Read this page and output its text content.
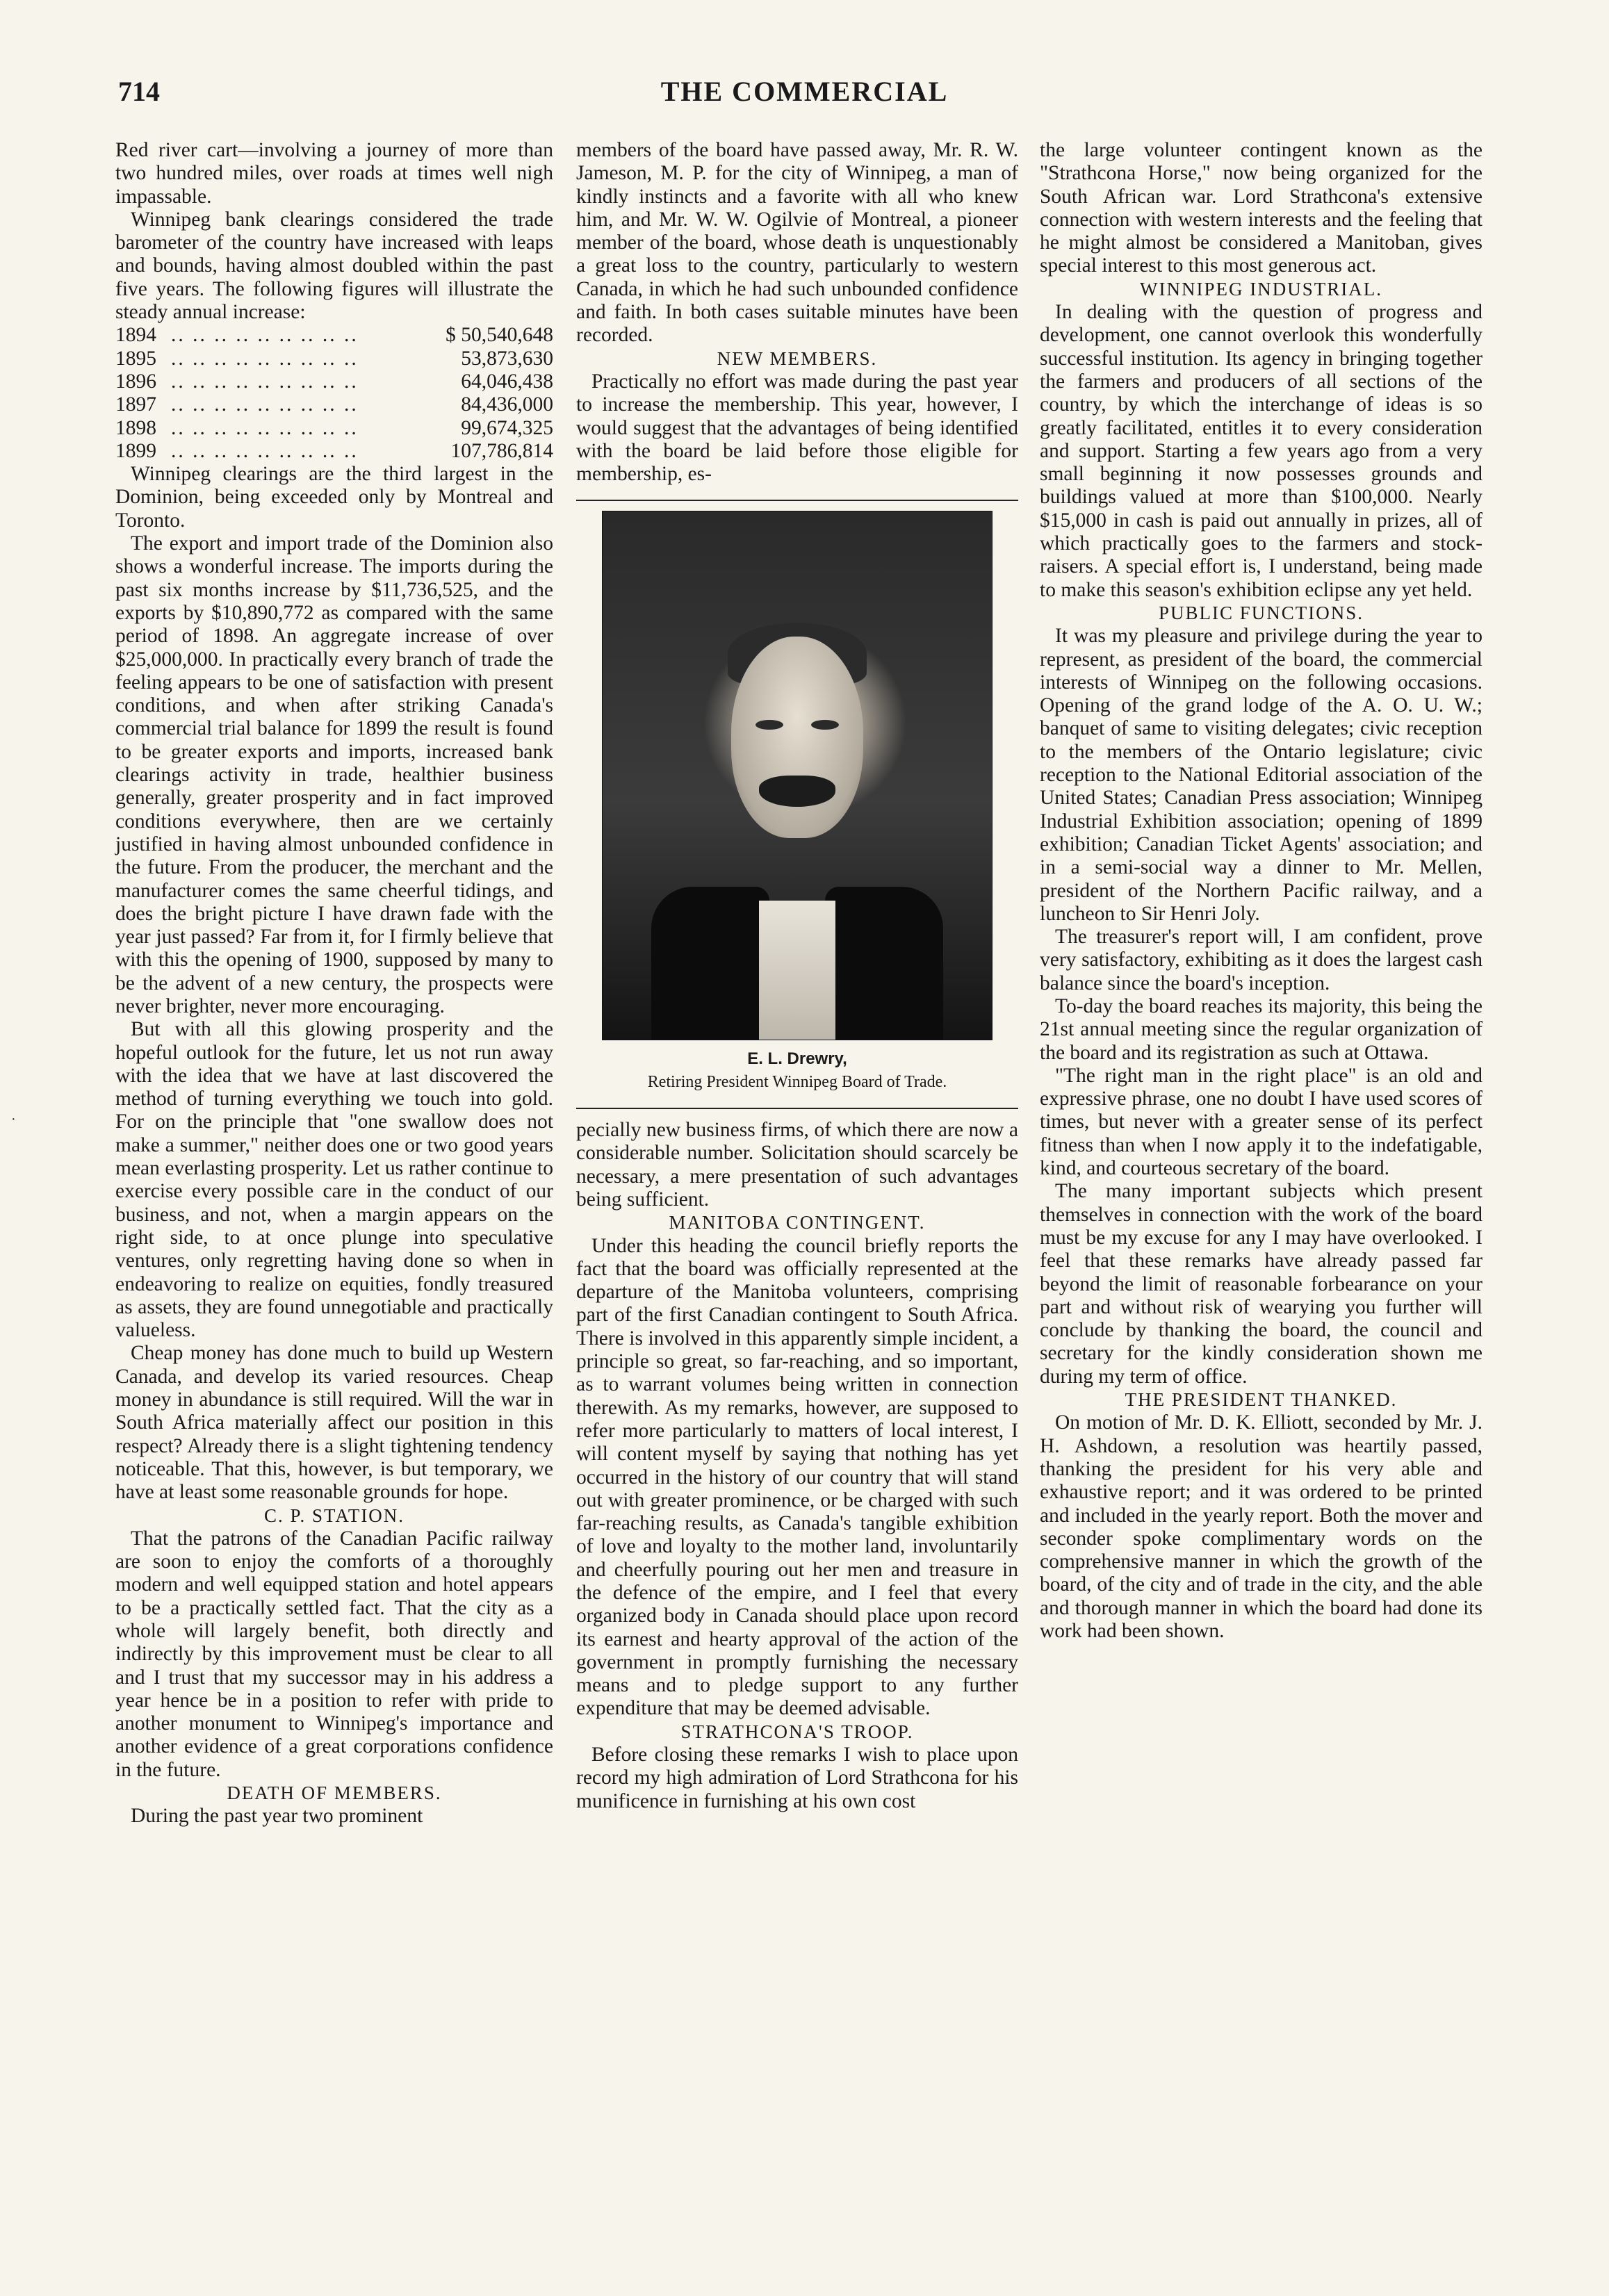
714	THE COMMERCIAL
·

Red river cart—involving a journey of more than two hundred miles, over roads at times well nigh impassable.

Winnipeg bank clearings considered the trade barometer of the country have increased with leaps and bounds, having almost doubled within the past five years. The following figures will illustrate the steady annual increase:

1894	.. .. .. .. .. .. .. .. ..	$ 50,540,648
1895	.. .. .. .. .. .. .. .. ..	53,873,630
1896	.. .. .. .. .. .. .. .. ..	64,046,438
1897	.. .. .. .. .. .. .. .. ..	84,436,000
1898	.. .. .. .. .. .. .. .. ..	99,674,325
1899	.. .. .. .. .. .. .. .. ..	107,786,814

Winnipeg clearings are the third largest in the Dominion, being exceeded only by Montreal and Toronto.

The export and import trade of the Dominion also shows a wonderful increase. The imports during the past six months increase by $11,736,525, and the exports by $10,890,772 as compared with the same period of 1898. An aggregate increase of over $25,000,000. In practically every branch of trade the feeling appears to be one of satisfaction with present conditions, and when after striking Canada's commercial trial balance for 1899 the result is found to be greater exports and imports, increased bank clearings activity in trade, healthier business generally, greater prosperity and in fact improved conditions everywhere, then are we certainly justified in having almost unbounded confidence in the future. From the producer, the merchant and the manufacturer comes the same cheerful tidings, and does the bright picture I have drawn fade with the year just passed? Far from it, for I firmly believe that with this the opening of 1900, supposed by many to be the advent of a new century, the prospects were never brighter, never more encouraging.

But with all this glowing prosperity and the hopeful outlook for the future, let us not run away with the idea that we have at last discovered the method of turning everything we touch into gold. For on the principle that "one swallow does not make a summer," neither does one or two good years mean everlasting prosperity. Let us rather continue to exercise every possible care in the conduct of our business, and not, when a margin appears on the right side, to at once plunge into speculative ventures, only regretting having done so when in endeavoring to realize on equities, fondly treasured as assets, they are found unnegotiable and practically valueless.

Cheap money has done much to build up Western Canada, and develop its varied resources. Cheap money in abundance is still required. Will the war in South Africa materially affect our position in this respect? Already there is a slight tightening tendency noticeable. That this, however, is but temporary, we have at least some reasonable grounds for hope.

C. P. STATION.

That the patrons of the Canadian Pacific railway are soon to enjoy the comforts of a thoroughly modern and well equipped station and hotel appears to be a practically settled fact. That the city as a whole will largely benefit, both directly and indirectly by this improvement must be clear to all and I trust that my successor may in his address a year hence be in a position to refer with pride to another monument to Winnipeg's importance and another evidence of a great corporations confidence in the future.

DEATH OF MEMBERS.

During the past year two prominent

members of the board have passed away, Mr. R. W. Jameson, M. P. for the city of Winnipeg, a man of kindly instincts and a favorite with all who knew him, and Mr. W. W. Ogilvie of Montreal, a pioneer member of the board, whose death is unquestionably a great loss to the country, particularly to western Canada, in which he had such unbounded confidence and faith. In both cases suitable minutes have been recorded.

NEW MEMBERS.

Practically no effort was made during the past year to increase the membership. This year, however, I would suggest that the advantages of being identified with the board be laid before those eligible for membership, es-

E. L. Drewry,
Retiring President Winnipeg Board of Trade.

pecially new business firms, of which there are now a considerable number. Solicitation should scarcely be necessary, a mere presentation of such advantages being sufficient.

MANITOBA CONTINGENT.

Under this heading the council briefly reports the fact that the board was officially represented at the departure of the Manitoba volunteers, comprising part of the first Canadian contingent to South Africa. There is involved in this apparently simple incident, a principle so great, so far-reaching, and so important, as to warrant volumes being written in connection therewith. As my remarks, however, are supposed to refer more particularly to matters of local interest, I will content myself by saying that nothing has yet occurred in the history of our country that will stand out with greater prominence, or be charged with such far-reaching results, as Canada's tangible exhibition of love and loyalty to the mother land, involuntarily and cheerfully pouring out her men and treasure in the defence of the empire, and I feel that every organized body in Canada should place upon record its earnest and hearty approval of the action of the government in promptly furnishing the necessary means and to pledge support to any further expenditure that may be deemed advisable.

STRATHCONA'S TROOP.

Before closing these remarks I wish to place upon record my high admiration of Lord Strathcona for his munificence in furnishing at his own cost

the large volunteer contingent known as the "Strathcona Horse," now being organized for the South African war. Lord Strathcona's extensive connection with western interests and the feeling that he might almost be considered a Manitoban, gives special interest to this most generous act.

WINNIPEG INDUSTRIAL.

In dealing with the question of progress and development, one cannot overlook this wonderfully successful institution. Its agency in bringing together the farmers and producers of all sections of the country, by which the interchange of ideas is so greatly facilitated, entitles it to every consideration and support. Starting a few years ago from a very small beginning it now possesses grounds and buildings valued at more than $100,000. Nearly $15,000 in cash is paid out annually in prizes, all of which practically goes to the farmers and stock-raisers. A special effort is, I understand, being made to make this season's exhibition eclipse any yet held.

PUBLIC FUNCTIONS.

It was my pleasure and privilege during the year to represent, as president of the board, the commercial interests of Winnipeg on the following occasions. Opening of the grand lodge of the A. O. U. W.; banquet of same to visiting delegates; civic reception to the members of the Ontario legislature; civic reception to the National Editorial association of the United States; Canadian Press association; Winnipeg Industrial Exhibition association; opening of 1899 exhibition; Canadian Ticket Agents' association; and in a semi-social way a dinner to Mr. Mellen, president of the Northern Pacific railway, and a luncheon to Sir Henri Joly.

The treasurer's report will, I am confident, prove very satisfactory, exhibiting as it does the largest cash balance since the board's inception.

To-day the board reaches its majority, this being the 21st annual meeting since the regular organization of the board and its registration as such at Ottawa.

"The right man in the right place" is an old and expressive phrase, one no doubt I have used scores of times, but never with a greater sense of its perfect fitness than when I now apply it to the indefatigable, kind, and courteous secretary of the board.

The many important subjects which present themselves in connection with the work of the board must be my excuse for any I may have overlooked. I feel that these remarks have already passed far beyond the limit of reasonable forbearance on your part and without risk of wearying you further will conclude by thanking the board, the council and secretary for the kindly consideration shown me during my term of office.

THE PRESIDENT THANKED.

On motion of Mr. D. K. Elliott, seconded by Mr. J. H. Ashdown, a resolution was heartily passed, thanking the president for his very able and exhaustive report; and it was ordered to be printed and included in the yearly report. Both the mover and seconder spoke complimentary words on the comprehensive manner in which the growth of the board, of the city and of trade in the city, and the able and thorough manner in which the board had done its work had been shown.
